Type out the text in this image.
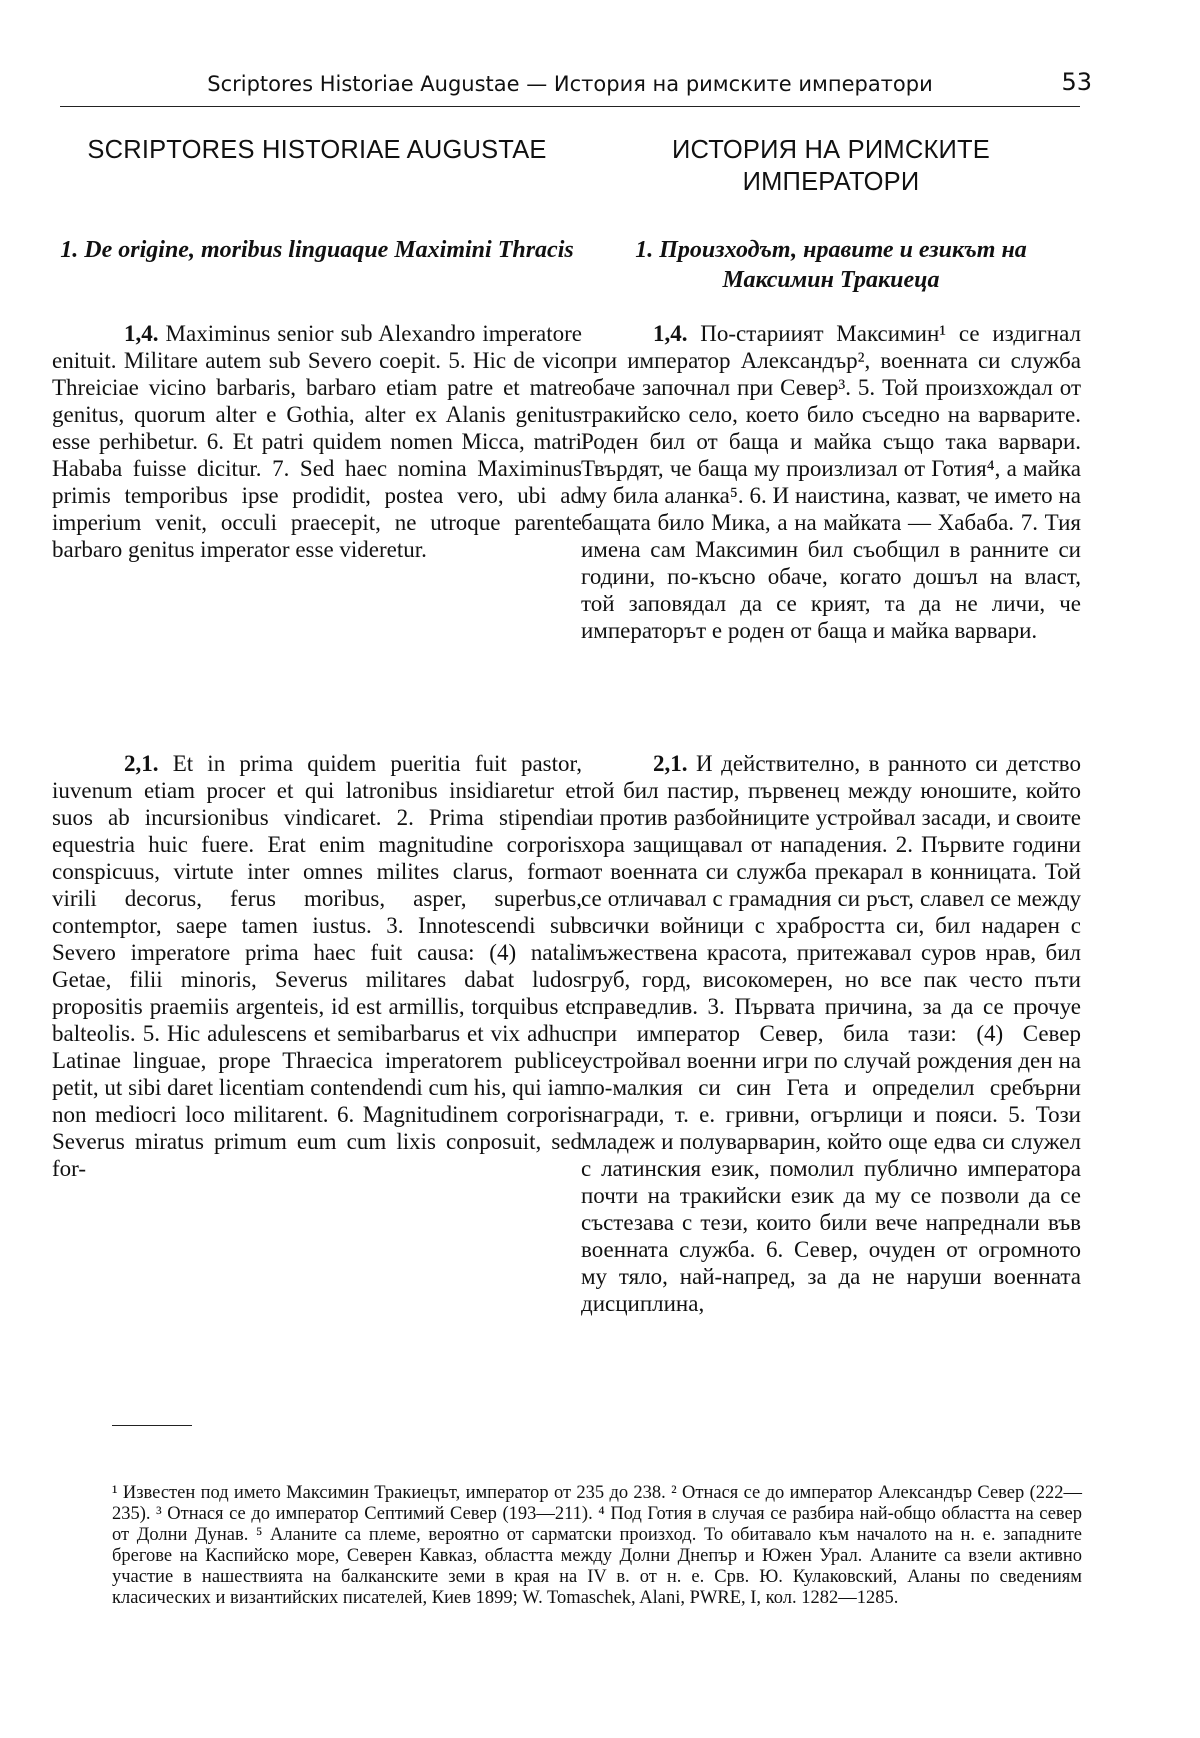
Scriptores Historiae Augustae — История на римските императори	53
SCRIPTORES HISTORIAE AUGUSTAE	ИСТОРИЯ НА РИМСКИТЕ ИМПЕРАТОРИ
1. De origine, moribus linguaque Maximini Thracis	1. Произходът, нравите и езикът на Максимин Тракиеца

1,4. Maximinus senior sub Alexandro imperatore enituit. Militare autem sub Severo coepit. 5. Hic de vico Threiciae vicino barbaris, barbaro etiam patre et matre genitus, quorum alter e Gothia, alter ex Alanis genitus esse perhibetur. 6. Et patri quidem nomen Micca, matri Hababa fuisse dicitur. 7. Sed haec nomina Maximinus primis temporibus ipse prodidit, postea vero, ubi ad imperium venit, occuli praecepit, ne utroque parente barbaro genitus imperator esse videretur.

1,4. По-стариият Максимин¹ се издигнал при император Александър², военната си служба обаче започнал при Север³. 5. Той произхождал от тракийско село, което било съседно на варварите. Роден бил от баща и майка също така варвари. Твърдят, че баща му произлизал от Готия⁴, а майка му била аланка⁵. 6. И наистина, казват, че името на бащата било Мика, а на майката — Хабаба. 7. Тия имена сам Максимин бил съобщил в ранните си години, по-късно обаче, когато дошъл на власт, той заповядал да се крият, та да не личи, че императорът е роден от баща и майка варвари.

2,1. Et in prima quidem pueritia fuit pastor, iuvenum etiam procer et qui latronibus insidiaretur et suos ab incursionibus vindicaret. 2. Prima stipendia equestria huic fuere. Erat enim magnitudine corporis conspicuus, virtute inter omnes milites clarus, forma virili decorus, ferus moribus, asper, superbus, contemptor, saepe tamen iustus. 3. Innotescendi sub Severo imperatore prima haec fuit causa: (4) natali Getae, filii minoris, Severus militares dabat ludos propositis praemiis argenteis, id est armillis, torquibus et balteolis. 5. Hic adulescens et semibarbarus et vix adhuc Latinae linguae, prope Thraecica imperatorem publice petit, ut sibi daret licentiam contendendi cum his, qui iam non mediocri loco militarent. 6. Magnitudinem corporis Severus miratus primum eum cum lixis conposuit, sed for-

2,1. И действително, в ранното си детство той бил пастир, първенец между юношите, който и против разбойниците устройвал засади, и своите хора защищавал от нападения. 2. Първите години от военната си служба прекарал в конницата. Той се отличавал с грамадния си ръст, славел се между всички войници с храбростта си, бил надарен с мъжествена красота, притежавал суров нрав, бил груб, горд, високомерен, но все пак често пъти справедлив. 3. Първата причина, за да се прочуе при император Север, била тази: (4) Север устройвал военни игри по случай рождения ден на по-малкия си син Гета и определил сребърни награди, т. е. гривни, огърлици и пояси. 5. Този младеж и полуварварин, който още едва си служел с латинския език, помолил публично императора почти на тракийски език да му се позволи да се състезава с тези, които били вече напреднали във военната служба. 6. Север, очуден от огромното му тяло, най-напред, за да не наруши военната дисциплина,

¹ Известен под името Максимин Тракиецът, император от 235 до 238. ² Отнася се до император Александър Север (222—235). ³ Отнася се до император Септимий Север (193—211). ⁴ Под Готия в случая се разбира най-общо областта на север от Долни Дунав. ⁵ Аланите са племе, вероятно от сарматски произход. То обитавало към началото на н. е. западните брегове на Каспийско море, Северен Кавказ, областта между Долни Днепър и Южен Урал. Аланите са взели активно участие в нашествията на балканските земи в края на IV в. от н. е. Срв. Ю. Кулаковский, Аланы по сведениям класических и византийских писателей, Киев 1899; W. Tomaschek, Alani, PWRE, I, кол. 1282—1285.
